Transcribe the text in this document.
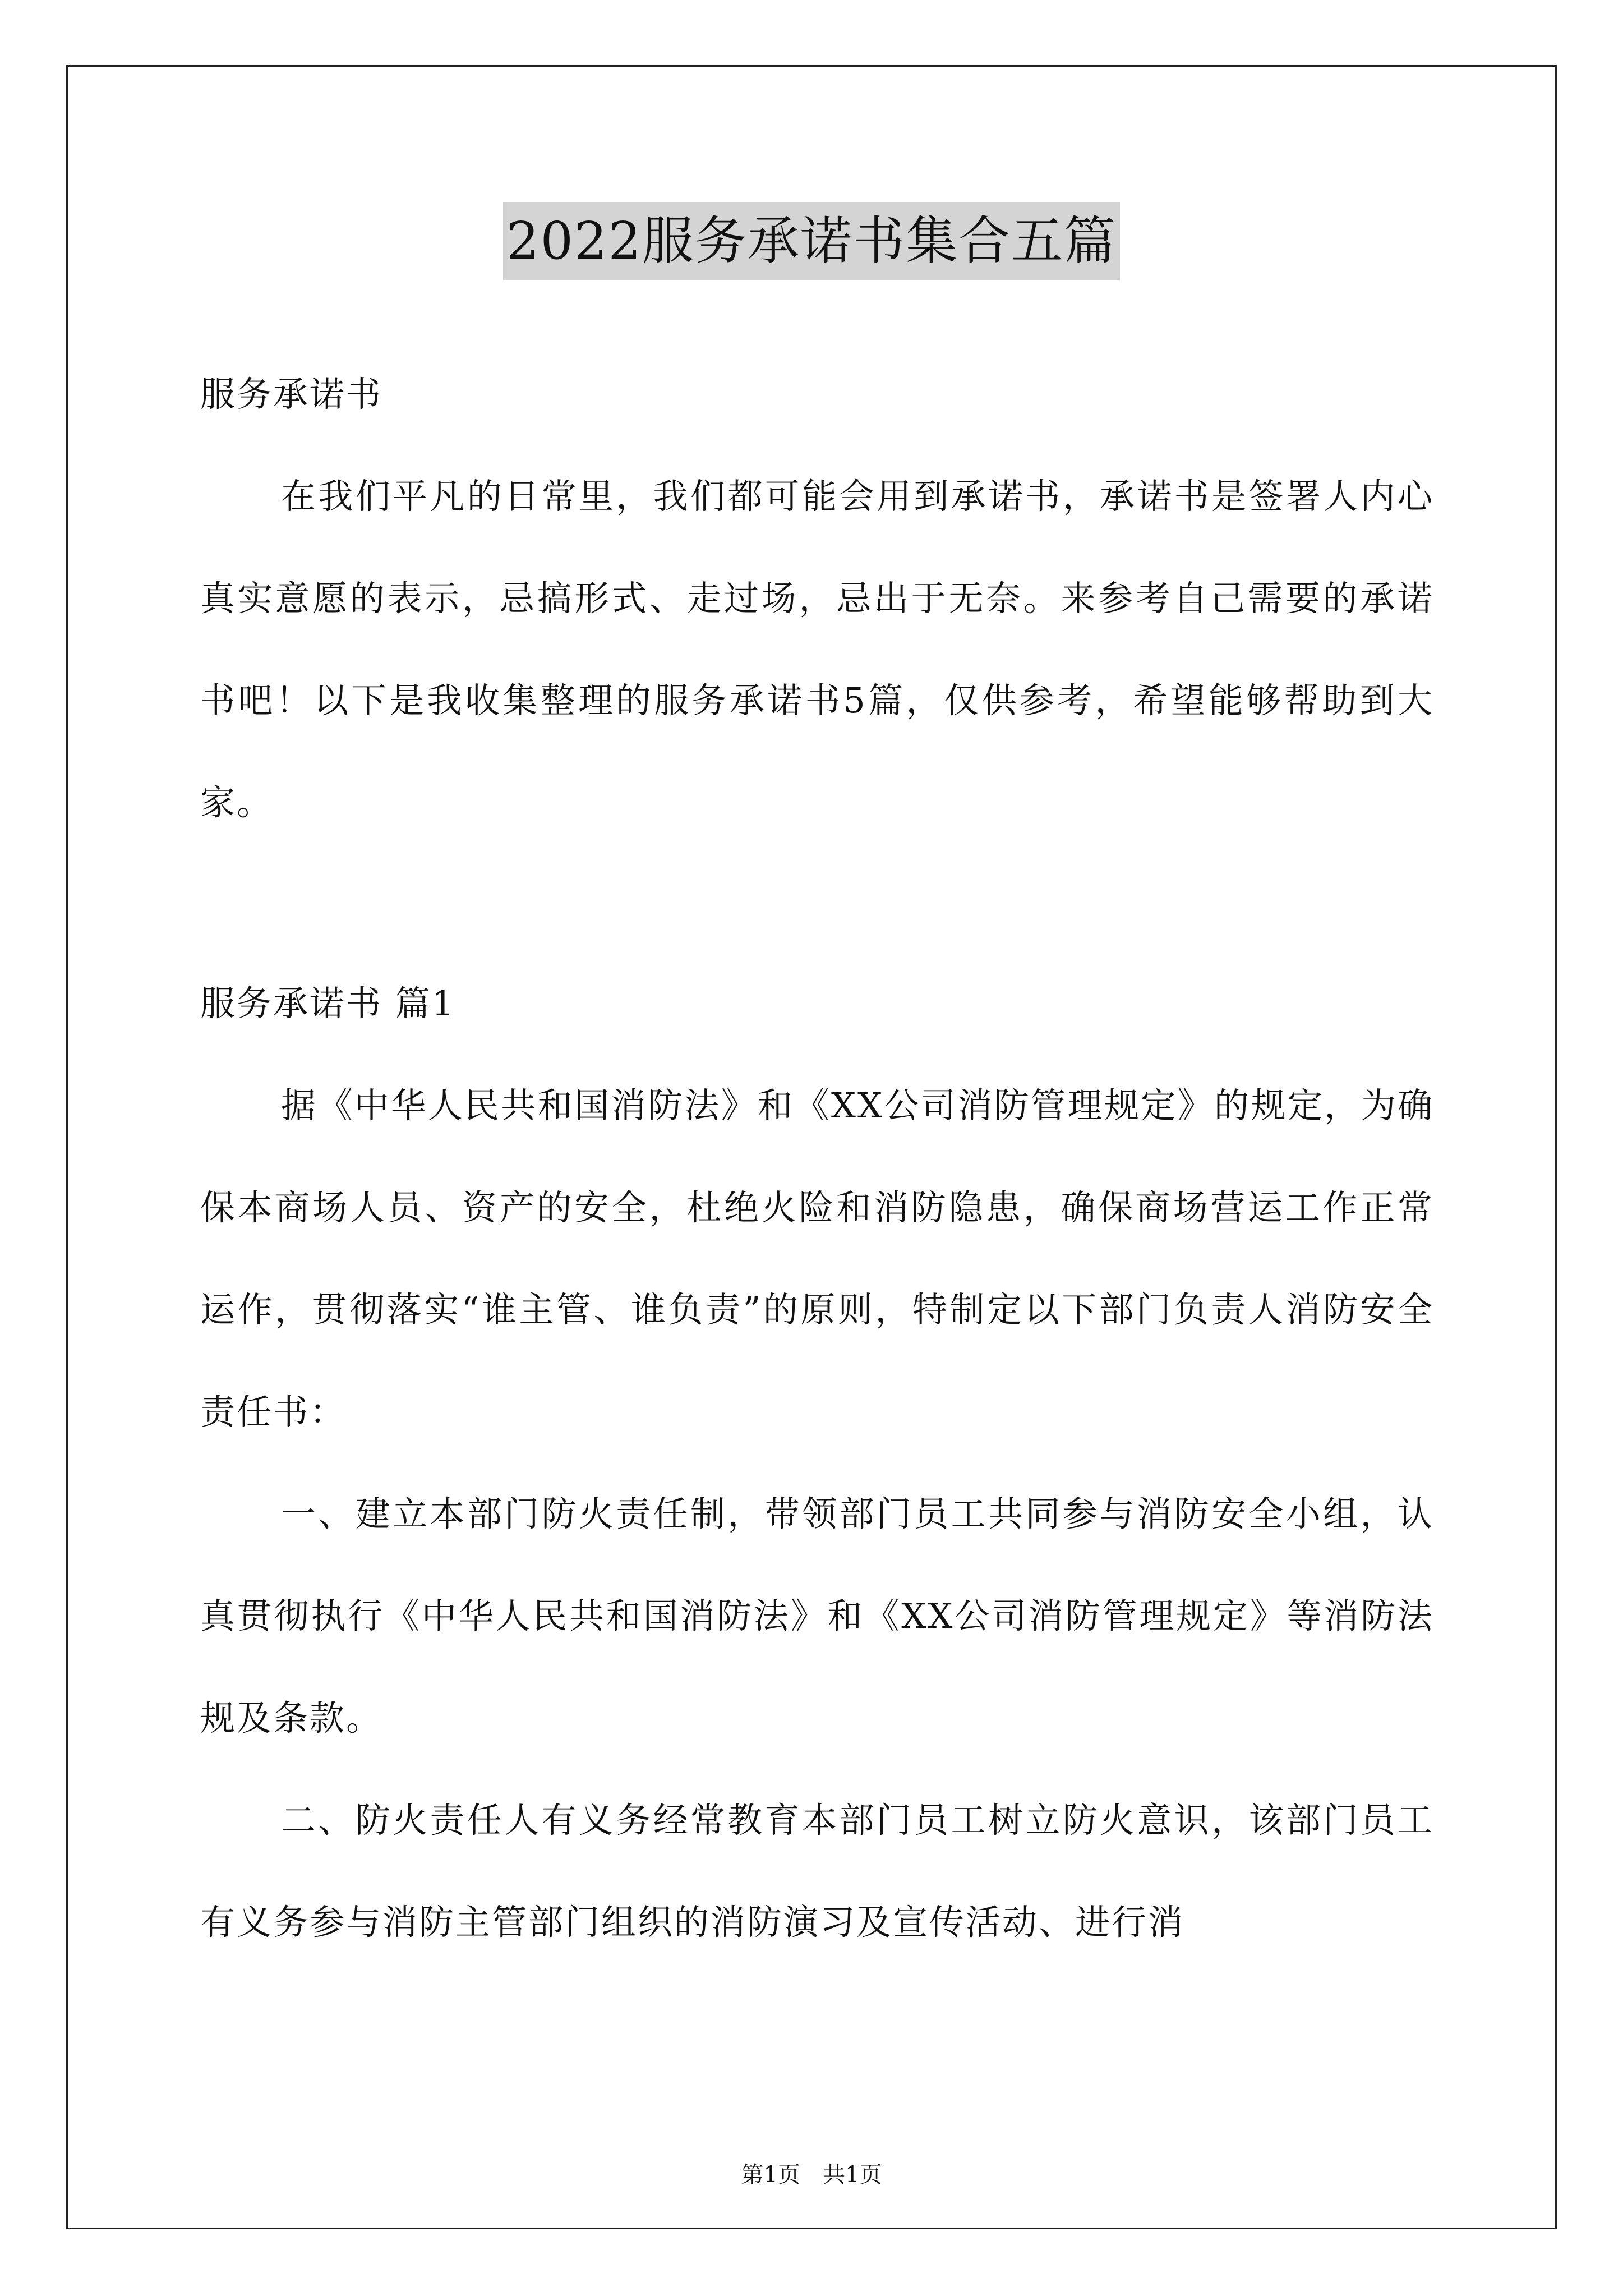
2022服务承诺书集合五篇

服务承诺书

在我们平凡的日常里，我们都可能会用到承诺书，承诺书是签署人内心真实意愿的表示，忌搞形式、走过场，忌出于无奈。来参考自己需要的承诺书吧！以下是我收集整理的服务承诺书5篇，仅供参考，希望能够帮助到大家。

服务承诺书 篇1

据《中华人民共和国消防法》和《XX公司消防管理规定》的规定，为确保本商场人员、资产的安全，杜绝火险和消防隐患，确保商场营运工作正常运作，贯彻落实“谁主管、谁负责”的原则，特制定以下部门负责人消防安全责任书：

一、建立本部门防火责任制，带领部门员工共同参与消防安全小组，认真贯彻执行《中华人民共和国消防法》和《XX公司消防管理规定》等消防法规及条款。

二、防火责任人有义务经常教育本部门员工树立防火意识，该部门员工有义务参与消防主管部门组织的消防演习及宣传活动、进行消

第1页　共1页
